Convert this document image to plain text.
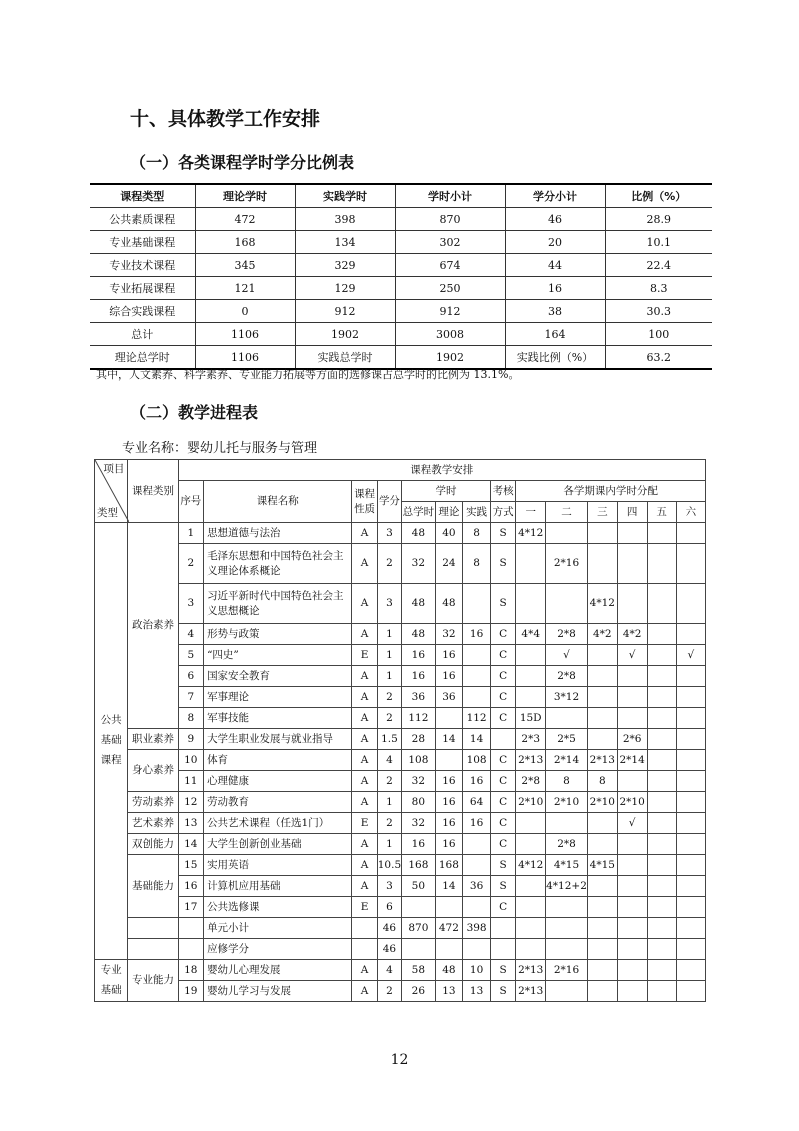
十、具体教学工作安排
（一）各类课程学时学分比例表
课程类型	理论学时	实践学时	学时小计	学分小计	比例（%）
公共素质课程	472	398	870	46	28.9
专业基础课程	168	134	302	20	10.1
专业技术课程	345	329	674	44	22.4
专业拓展课程	121	129	250	16	8.3
综合实践课程	0	912	912	38	30.3
总计	1106	1902	3008	164	100
理论总学时	1106	实践总学时	1902	实践比例（%）	63.2
其中，人文素养、科学素养、专业能力拓展等方面的选修课占总学时的比例为 13.1%。
（二）教学进程表
专业名称：婴幼儿托与服务与管理
项目
类型	课程类别	课程教学安排													
		序号	课程名称	课程性质	学分	学时			考核	各学期课内学时分配					
						总学时	理论	实践	方式	一	二	三	四	五	六
公共基础课程	政治素养	1	思想道德与法治	A	3	48	40	8	S	4*12					
		2	毛泽东思想和中国特色社会主义理论体系概论	A	2	32	24	8	S		2*16				
		3	习近平新时代中国特色社会主义思想概论	A	3	48	48		S			4*12			
		4	形势与政策	A	1	48	32	16	C	4*4	2*8	4*2	4*2		
		5	“四史”	E	1	16	16		C		√		√		√
		6	国家安全教育	A	1	16	16		C		2*8				
		7	军事理论	A	2	36	36		C		3*12				
		8	军事技能	A	2	112		112	C	15D					
	职业素养	9	大学生职业发展与就业指导	A	1.5	28	14	14		2*3	2*5		2*6		
	身心素养	10	体育	A	4	108		108	C	2*13	2*14	2*13	2*14		
		11	心理健康	A	2	32	16	16	C	2*8	8	8			
	劳动素养	12	劳动教育	A	1	80	16	64	C	2*10	2*10	2*10	2*10		
	艺术素养	13	公共艺术课程（任选1门）	E	2	32	16	16	C				√		
	双创能力	14	大学生创新创业基础	A	1	16	16		C		2*8				
	基础能力	15	实用英语	A	10.5	168	168		S	4*12	4*15	4*15			
		16	计算机应用基础	A	3	50	14	36	S		4*12+2				
		17	公共选修课	E	6				C						
			单元小计		46	870	472	398							
			应修学分		46										
专业基础	专业能力	18	婴幼儿心理发展	A	4	58	48	10	S	2*13	2*16				
		19	婴幼儿学习与发展	A	2	26	13	13	S	2*13					
12
